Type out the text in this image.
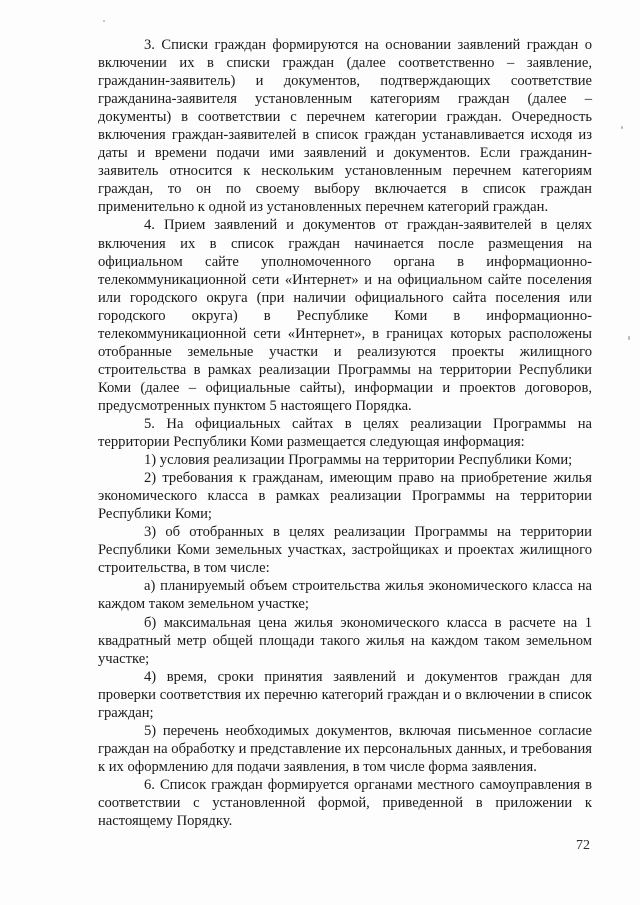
3. Списки граждан формируются на основании заявлений граждан о включении их в списки граждан (далее соответственно – заявление, гражданин-заявитель) и документов, подтверждающих соответствие гражданина-заявителя установленным категориям граждан (далее – документы) в соответствии с перечнем категории граждан. Очередность включения граждан-заявителей в список граждан устанавливается исходя из даты и времени подачи ими заявлений и документов. Если гражданин-заявитель относится к нескольким установленным перечнем категориям граждан, то он по своему выбору включается в список граждан применительно к одной из установленных перечнем категорий граждан.

4. Прием заявлений и документов от граждан-заявителей в целях включения их в список граждан начинается после размещения на официальном сайте уполномоченного органа в информационно-телекоммуникационной сети «Интернет» и на официальном сайте поселения или городского округа (при наличии официального сайта поселения или городского округа) в Республике Коми в информационно-телекоммуникационной сети «Интернет», в границах которых расположены отобранные земельные участки и реализуются проекты жилищного строительства в рамках реализации Программы на территории Республики Коми (далее – официальные сайты), информации и проектов договоров, предусмотренных пунктом 5 настоящего Порядка.

5. На официальных сайтах в целях реализации Программы на территории Республики Коми размещается следующая информация:

1) условия реализации Программы на территории Республики Коми;

2) требования к гражданам, имеющим право на приобретение жилья экономического класса в рамках реализации Программы на территории Республики Коми;

3) об отобранных в целях реализации Программы на территории Республики Коми земельных участках, застройщиках и проектах жилищного строительства, в том числе:

а) планируемый объем строительства жилья экономического класса на каждом таком земельном участке;

б) максимальная цена жилья экономического класса в расчете на 1 квадратный метр общей площади такого жилья на каждом таком земельном участке;

4) время, сроки принятия заявлений и документов граждан для проверки соответствия их перечню категорий граждан и о включении в список граждан;

5) перечень необходимых документов, включая письменное согласие граждан на обработку и представление их персональных данных, и требования к их оформлению для подачи заявления, в том числе форма заявления.

6. Список граждан формируется органами местного самоуправления в соответствии с установленной формой, приведенной в приложении к настоящему Порядку.

72
